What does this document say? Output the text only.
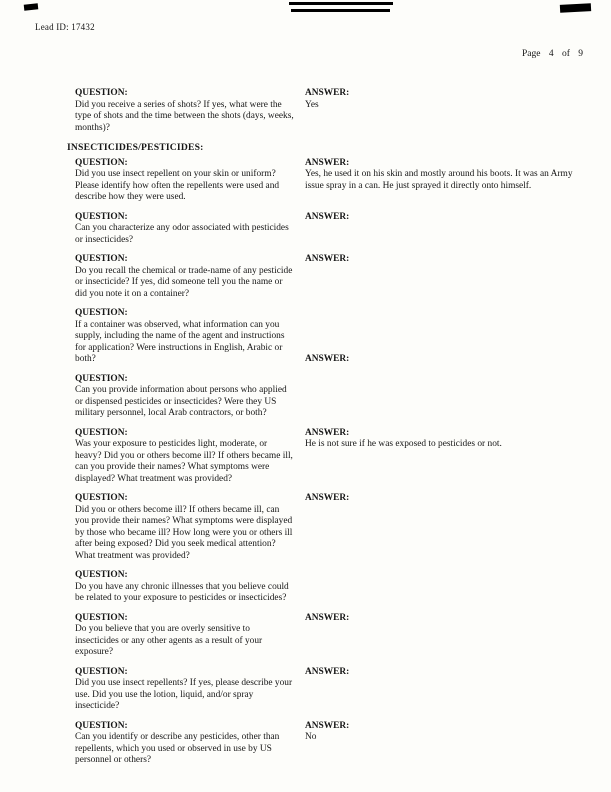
Lead ID: 17432
Page 4 of 9
QUESTION:
Did you receive a series of shots? If yes, what were the type of shots and the time between the shots (days, weeks, months)?
ANSWER:
Yes
INSECTICIDES/PESTICIDES:
QUESTION:
Did you use insect repellent on your skin or uniform? Please identify how often the repellents were used and describe how they were used.
ANSWER:
Yes, he used it on his skin and mostly around his boots. It was an Army issue spray in a can. He just sprayed it directly onto himself.
QUESTION:
Can you characterize any odor associated with pesticides or insecticides?
ANSWER:
QUESTION:
Do you recall the chemical or trade-name of any pesticide or insecticide? If yes, did someone tell you the name or did you note it on a container?
ANSWER:
QUESTION:
If a container was observed, what information can you supply, including the name of the agent and instructions for application? Were instructions in English, Arabic or both?	ANSWER:
QUESTION:
Can you provide information about persons who applied or dispensed pesticides or insecticides? Were they US military personnel, local Arab contractors, or both?
QUESTION:
Was your exposure to pesticides light, moderate, or heavy? Did you or others become ill? If others became ill, can you provide their names? What symptoms were displayed? What treatment was provided?
ANSWER:
He is not sure if he was exposed to pesticides or not.
QUESTION:
Did you or others become ill? If others became ill, can you provide their names? What symptoms were displayed by those who became ill? How long were you or others ill after being exposed? Did you seek medical attention? What treatment was provided?
ANSWER:
QUESTION:
Do you have any chronic illnesses that you believe could be related to your exposure to pesticides or insecticides?
QUESTION:
Do you believe that you are overly sensitive to insecticides or any other agents as a result of your exposure?
ANSWER:
QUESTION:
Did you use insect repellents? If yes, please describe your use. Did you use the lotion, liquid, and/or spray insecticide?
ANSWER:
QUESTION:
Can you identify or describe any pesticides, other than repellents, which you used or observed in use by US personnel or others?
ANSWER:
No
